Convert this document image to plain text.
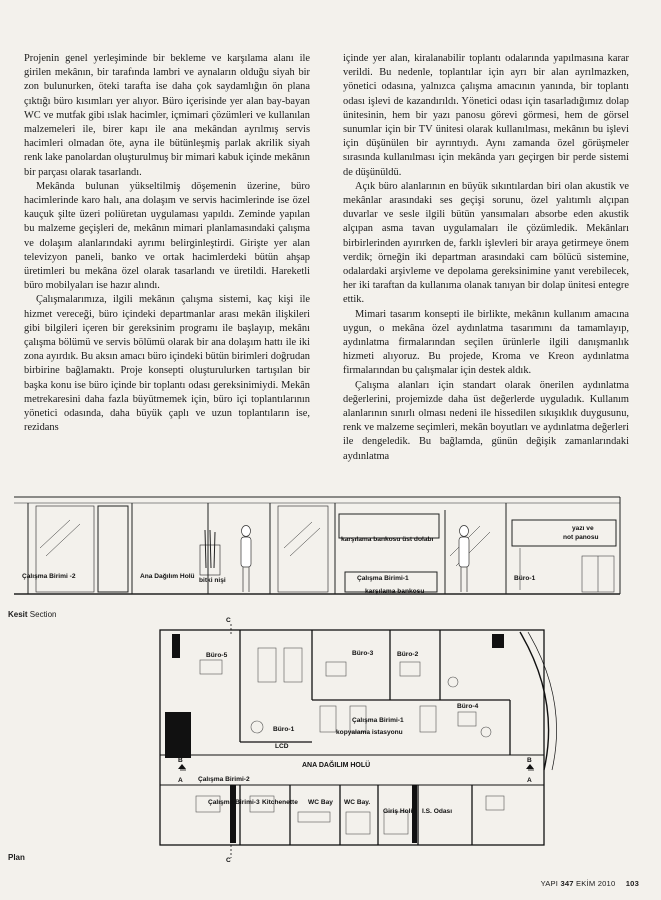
Projenin genel yerleşiminde bir bekleme ve karşılama alanı ile girilen mekânın, bir tarafında lambri ve aynaların olduğu siyah bir zon bulunurken, öteki tarafta ise daha çok saydamlığın ön plana çıktığı büro kısımları yer alıyor. Büro içerisinde yer alan bay-bayan WC ve mutfak gibi ıslak hacimler, içmimari çözümleri ve kullanılan malzemeleri ile, birer kapı ile ana mekândan ayrılmış servis hacimleri olmadan öte, ayna ile bütünleşmiş parlak akrilik siyah renk lake panolardan oluşturulmuş bir mimari kabuk içinde mekânın bir parçası olarak tasarlandı.

Mekânda bulunan yükseltilmiş döşemenin üzerine, büro hacimlerinde karo halı, ana dolaşım ve servis hacimlerinde ise özel kauçuk şilte üzeri poliüretan uygulaması yapıldı. Zeminde yapılan bu malzeme geçişleri de, mekânın mimari planlamasındaki çalışma ve dolaşım alanlarındaki ayrımı belirginleştirdi. Girişte yer alan televizyon paneli, banko ve ortak hacimlerdeki bütün ahşap üretimleri bu mekâna özel olarak tasarlandı ve üretildi. Hareketli büro mobilyaları ise hazır alındı.

Çalışmalarımıza, ilgili mekânın çalışma sistemi, kaç kişi ile hizmet vereceği, büro içindeki departmanlar arası mekân ilişkileri gibi bilgileri içeren bir gereksinim programı ile başlayıp, mekânı çalışma bölümü ve servis bölümü olarak bir ana dolaşım hattı ile iki zona ayırdık. Bu aksın amacı büro içindeki bütün birimleri doğrudan birbirine bağlamaktı. Proje konsepti oluşturulurken tartışılan bir başka konu ise büro içinde bir toplantı odası gereksinimiydi. Mekân metrekaresini daha fazla büyütmemek için, büro içi toplantılarının yönetici odasında, daha büyük çaplı ve uzun toplantıların ise, rezidans

içinde yer alan, kiralanabilir toplantı odalarında yapılmasına karar verildi. Bu nedenle, toplantılar için ayrı bir alan ayrılmazken, yönetici odasına, yalnızca çalışma amacının yanında, bir toplantı odası işlevi de kazandırıldı. Yönetici odası için tasarladığımız dolap ünitesinin, hem bir yazı panosu görevi görmesi, hem de görsel sunumlar için bir TV ünitesi olarak kullanılması, mekânın bu işlevi için düşünülen bir ayrıntıydı. Aynı zamanda özel görüşmeler sırasında kullanılması için mekânda yarı geçirgen bir perde sistemi de düşünüldü.

Açık büro alanlarının en büyük sıkıntılardan biri olan akustik ve mekânlar arasındaki ses geçişi sorunu, özel yalıtımlı alçıpan duvarlar ve sesle ilgili bütün yansımaları absorbe eden akustik alçıpan asma tavan uygulamaları ile çözümledik. Mekânları birbirlerinden ayırırken de, farklı işlevleri bir araya getirmeye önem verdik; örneğin iki departman arasındaki cam bölücü sistemine, odalardaki arşivleme ve depolama gereksinimine yanıt verebilecek, her iki taraftan da kullanıma olanak tanıyan bir dolap ünitesi entegre ettik.

Mimari tasarım konsepti ile birlikte, mekânın kullanım amacına uygun, o mekâna özel aydınlatma tasarımını da tamamlayıp, aydınlatma firmalarından seçilen ürünlerle ilgili danışmanlık hizmeti alıyoruz. Bu projede, Kroma ve Kreon aydınlatma firmalarından bu çalışmalar için destek aldık.

Çalışma alanları için standart olarak önerilen aydınlatma değerlerini, projemizde daha üst değerlerde uyguladık. Kullanım alanlarının sınırlı olması nedeni ile hissedilen sıkışıklık duygusunu, renk ve malzeme seçimleri, mekân boyutları ve aydınlatma değerleri ile dengeledik. Bu bağlamda, günün değişik zamanlarındaki aydınlatma

Çalışma Birimi -2	Ana Dağılım Holü
bitki nişi
karşılama bankosu üst dolabı
Çalışma Birimi-1
karşılama bankosu
yazı ve
not panosu
Büro-1
Kesit Section
C
C
B
A
B
A
Büro-5	Büro-3	Büro-2
Çalışma Birimi-1
Büro-4
kopyalama istasyonu
Büro-1
LCD
ANA DAĞILIM HOLÜ
Çalışma Birimi-2
Çalışma Birimi-3 Kitchenette WC Bay WC Bay.
Giriş Holü I.S. Odası
Plan
YAPI 347 EKİM 2010 103
